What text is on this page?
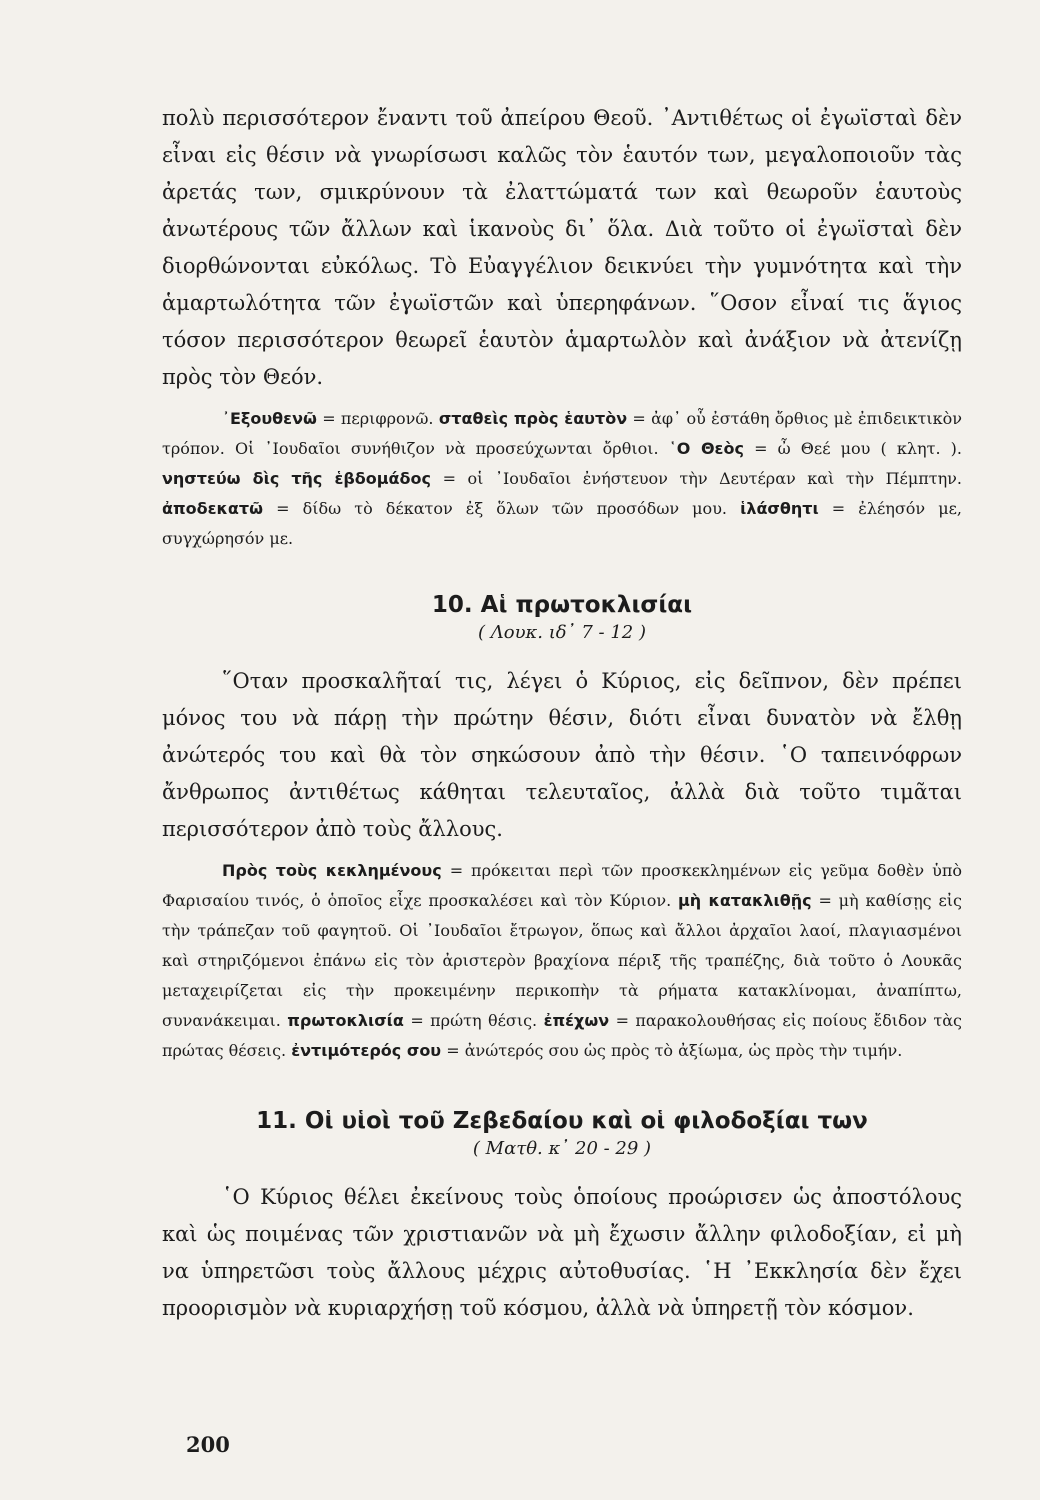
πολὺ περισσότερον ἔναντι τοῦ ἀπείρου Θεοῦ. ᾽Αντιθέτως οἱ ἐγωϊσταὶ δὲν εἶναι εἰς θέσιν νὰ γνωρίσωσι καλῶς τὸν ἑαυτόν των, μεγαλοποιοῦν τὰς ἀρετάς των, σμικρύνουν τὰ ἐλαττώματά των καὶ θεωροῦν ἑαυτοὺς ἀνωτέρους τῶν ἄλλων καὶ ἱκανοὺς δι᾽ ὅλα. Διὰ τοῦτο οἱ ἐγωϊσταὶ δὲν διορθώνονται εὐκόλως. Τὸ Εὐαγγέλιον δεικνύει τὴν γυμνότητα καὶ τὴν ἁμαρτωλότητα τῶν ἐγωϊστῶν καὶ ὑπερηφάνων. ῞Οσον εἶναί τις ἅγιος τόσον περισσότερον θεωρεῖ ἑαυτὸν ἁμαρτωλὸν καὶ ἀνάξιον νὰ ἀτενίζῃ πρὸς τὸν Θεόν.

᾽Εξουθενῶ = περιφρονῶ. σταθεὶς πρὸς ἑαυτὸν = ἀφ᾽ οὗ ἐστάθη ὄρθιος μὲ ἐπιδεικτικὸν τρόπον. Οἱ ᾽Ιουδαῖοι συνήθιζον νὰ προσεύχωνται ὄρθιοι. ῾Ο Θεὸς = ὦ Θεέ μου ( κλητ. ). νηστεύω δὶς τῆς ἑβδομάδος = οἱ ᾽Ιουδαῖοι ἐνήστευον τὴν Δευτέραν καὶ τὴν Πέμπτην. ἀποδεκατῶ = δίδω τὸ δέκατον ἐξ ὅλων τῶν προσόδων μου. ἱλάσθητι = ἐλέησόν με, συγχώρησόν με.

10. Αἱ πρωτοκλισίαι

( Λουκ. ιδ᾽ 7 - 12 )

῞Οταν προσκαλῆταί τις, λέγει ὁ Κύριος, εἰς δεῖπνον, δὲν πρέπει μόνος του νὰ πάρῃ τὴν πρώτην θέσιν, διότι εἶναι δυνατὸν νὰ ἔλθῃ ἀνώτερός του καὶ θὰ τὸν σηκώσουν ἀπὸ τὴν θέσιν. ῾Ο ταπεινόφρων ἄνθρωπος ἀντιθέτως κάθηται τελευταῖος, ἀλλὰ διὰ τοῦτο τιμᾶται περισσότερον ἀπὸ τοὺς ἄλλους.

Πρὸς τοὺς κεκλημένους = πρόκειται περὶ τῶν προσκεκλημένων εἰς γεῦμα δοθὲν ὑπὸ Φαρισαίου τινός, ὁ ὁποῖος εἶχε προσκαλέσει καὶ τὸν Κύριον. μὴ κατακλιθῇς = μὴ καθίσῃς εἰς τὴν τράπεζαν τοῦ φαγητοῦ. Οἱ ᾽Ιουδαῖοι ἔτρωγον, ὅπως καὶ ἄλλοι ἀρχαῖοι λαοί, πλαγιασμένοι καὶ στηριζόμενοι ἐπάνω εἰς τὸν ἀριστερὸν βραχίονα πέριξ τῆς τραπέζης, διὰ τοῦτο ὁ Λουκᾶς μεταχειρίζεται εἰς τὴν προκειμένην περικοπὴν τὰ ρήματα κατακλίνομαι, ἀναπίπτω, συνανάκειμαι. πρωτοκλισία = πρώτη θέσις. ἐπέχων = παρακολουθήσας εἰς ποίους ἔδιδον τὰς πρώτας θέσεις. ἐντιμότερός σου = ἀνώτερός σου ὡς πρὸς τὸ ἀξίωμα, ὡς πρὸς τὴν τιμήν.

11. Οἱ υἱοὶ τοῦ Ζεβεδαίου καὶ οἱ φιλοδοξίαι των

( Ματθ. κ᾽ 20 - 29 )

῾Ο Κύριος θέλει ἐκείνους τοὺς ὁποίους προώρισεν ὡς ἀποστόλους καὶ ὡς ποιμένας τῶν χριστιανῶν νὰ μὴ ἔχωσιν ἄλλην φιλοδοξίαν, εἰ μὴ να ὑπηρετῶσι τοὺς ἄλλους μέχρις αὐτοθυσίας. ῾Η ᾽Εκκλησία δὲν ἔχει προορισμὸν νὰ κυριαρχήσῃ τοῦ κόσμου, ἀλλὰ νὰ ὑπηρετῇ τὸν κόσμον.

200
